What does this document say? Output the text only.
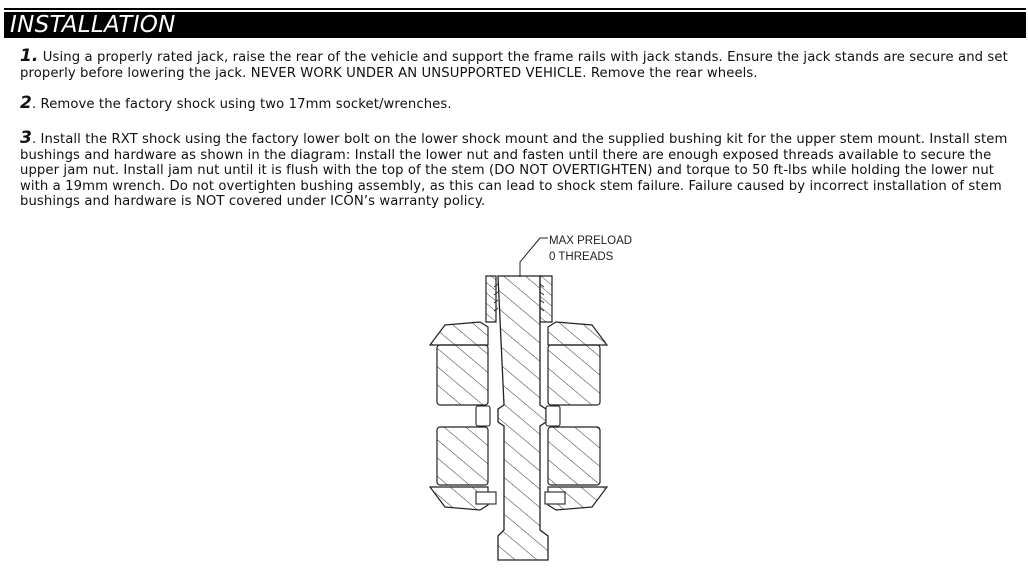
INSTALLATION
1. Using a properly rated jack, raise the rear of the vehicle and support the frame rails with jack stands. Ensure the jack stands are secure and set properly before lowering the jack. NEVER WORK UNDER AN UNSUPPORTED VEHICLE. Remove the rear wheels.
2. Remove the factory shock using two 17mm socket/wrenches.
3. Install the RXT shock using the factory lower bolt on the lower shock mount and the supplied bushing kit for the upper stem mount. Install stem bushings and hardware as shown in the diagram: Install the lower nut and fasten until there are enough exposed threads available to secure the upper jam nut. Install jam nut until it is flush with the top of the stem (DO NOT OVERTIGHTEN) and torque to 50 ft-lbs while holding the lower nut with a 19mm wrench. Do not overtighten bushing assembly, as this can lead to shock stem failure. Failure caused by incorrect installation of stem bushings and hardware is NOT covered under ICON’s warranty policy.
MAX PRELOAD
0 THREADS
